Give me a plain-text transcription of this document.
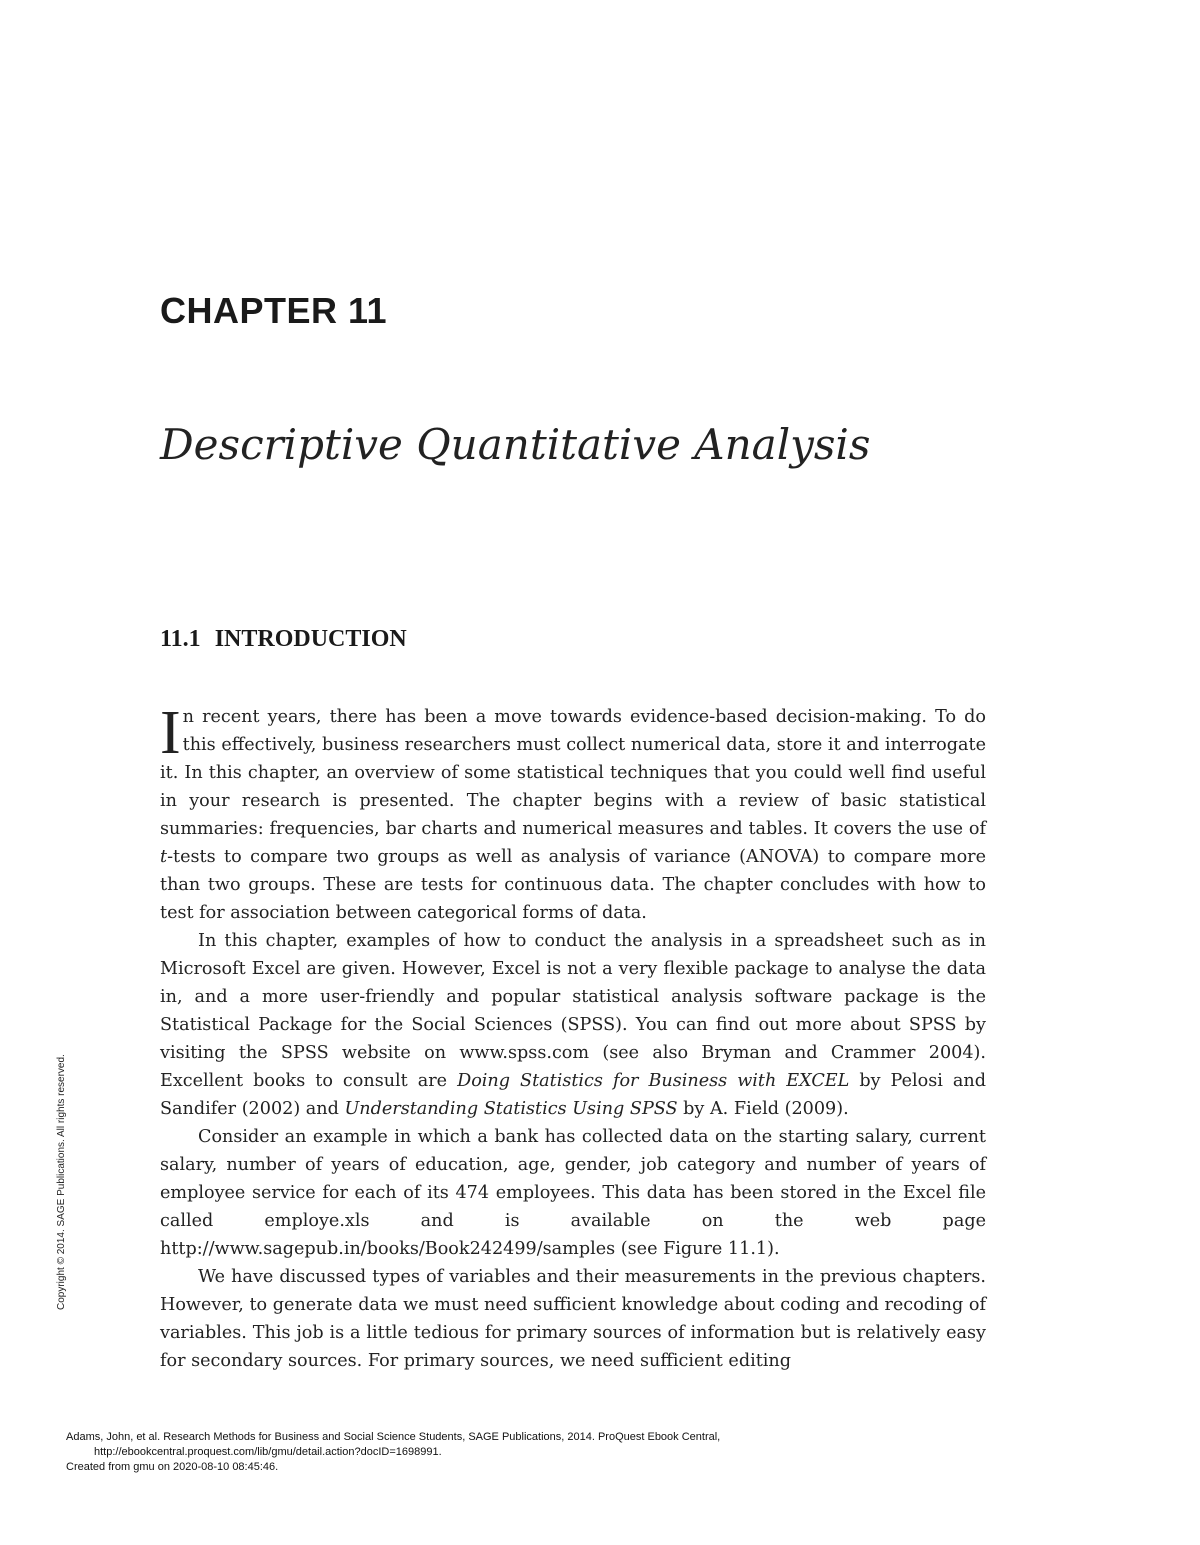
CHAPTER 11
Descriptive Quantitative Analysis
11.1 INTRODUCTION

In recent years, there has been a move towards evidence-based decision-making. To do this effectively, business researchers must collect numerical data, store it and interrogate it. In this chapter, an overview of some statistical techniques that you could well find useful in your research is presented. The chapter begins with a review of basic statistical summaries: frequencies, bar charts and numerical measures and tables. It covers the use of t-tests to compare two groups as well as analysis of variance (ANOVA) to compare more than two groups. These are tests for continuous data. The chapter concludes with how to test for association between categorical forms of data.

In this chapter, examples of how to conduct the analysis in a spreadsheet such as in Microsoft Excel are given. However, Excel is not a very flexible package to analyse the data in, and a more user-friendly and popular statistical analysis software package is the Statistical Package for the Social Sciences (SPSS). You can find out more about SPSS by visiting the SPSS website on www.spss.com (see also Bryman and Crammer 2004). Excellent books to consult are Doing Statistics for Business with EXCEL by Pelosi and Sandifer (2002) and Understanding Statistics Using SPSS by A. Field (2009).

Consider an example in which a bank has collected data on the starting salary, current salary, number of years of education, age, gender, job category and number of years of employee service for each of its 474 employees. This data has been stored in the Excel file called employe.xls and is available on the web page http://www.sagepub.in/books/Book242499/samples (see Figure 11.1).

We have discussed types of variables and their measurements in the previous chapters. However, to generate data we must need sufficient knowledge about coding and recoding of variables. This job is a little tedious for primary sources of information but is relatively easy for secondary sources. For primary sources, we need sufficient editing

Copyright © 2014. SAGE Publications. All rights reserved.
Adams, John, et al. Research Methods for Business and Social Science Students, SAGE Publications, 2014. ProQuest Ebook Central,
http://ebookcentral.proquest.com/lib/gmu/detail.action?docID=1698991.
Created from gmu on 2020-08-10 08:45:46.
